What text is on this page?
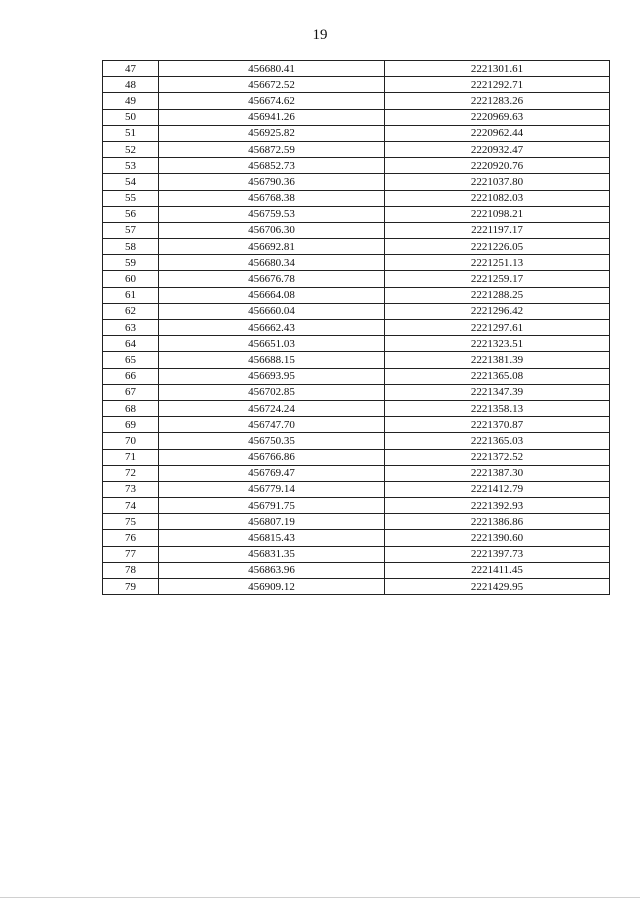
19
47	456680.41	2221301.61
48	456672.52	2221292.71
49	456674.62	2221283.26
50	456941.26	2220969.63
51	456925.82	2220962.44
52	456872.59	2220932.47
53	456852.73	2220920.76
54	456790.36	2221037.80
55	456768.38	2221082.03
56	456759.53	2221098.21
57	456706.30	2221197.17
58	456692.81	2221226.05
59	456680.34	2221251.13
60	456676.78	2221259.17
61	456664.08	2221288.25
62	456660.04	2221296.42
63	456662.43	2221297.61
64	456651.03	2221323.51
65	456688.15	2221381.39
66	456693.95	2221365.08
67	456702.85	2221347.39
68	456724.24	2221358.13
69	456747.70	2221370.87
70	456750.35	2221365.03
71	456766.86	2221372.52
72	456769.47	2221387.30
73	456779.14	2221412.79
74	456791.75	2221392.93
75	456807.19	2221386.86
76	456815.43	2221390.60
77	456831.35	2221397.73
78	456863.96	2221411.45
79	456909.12	2221429.95
